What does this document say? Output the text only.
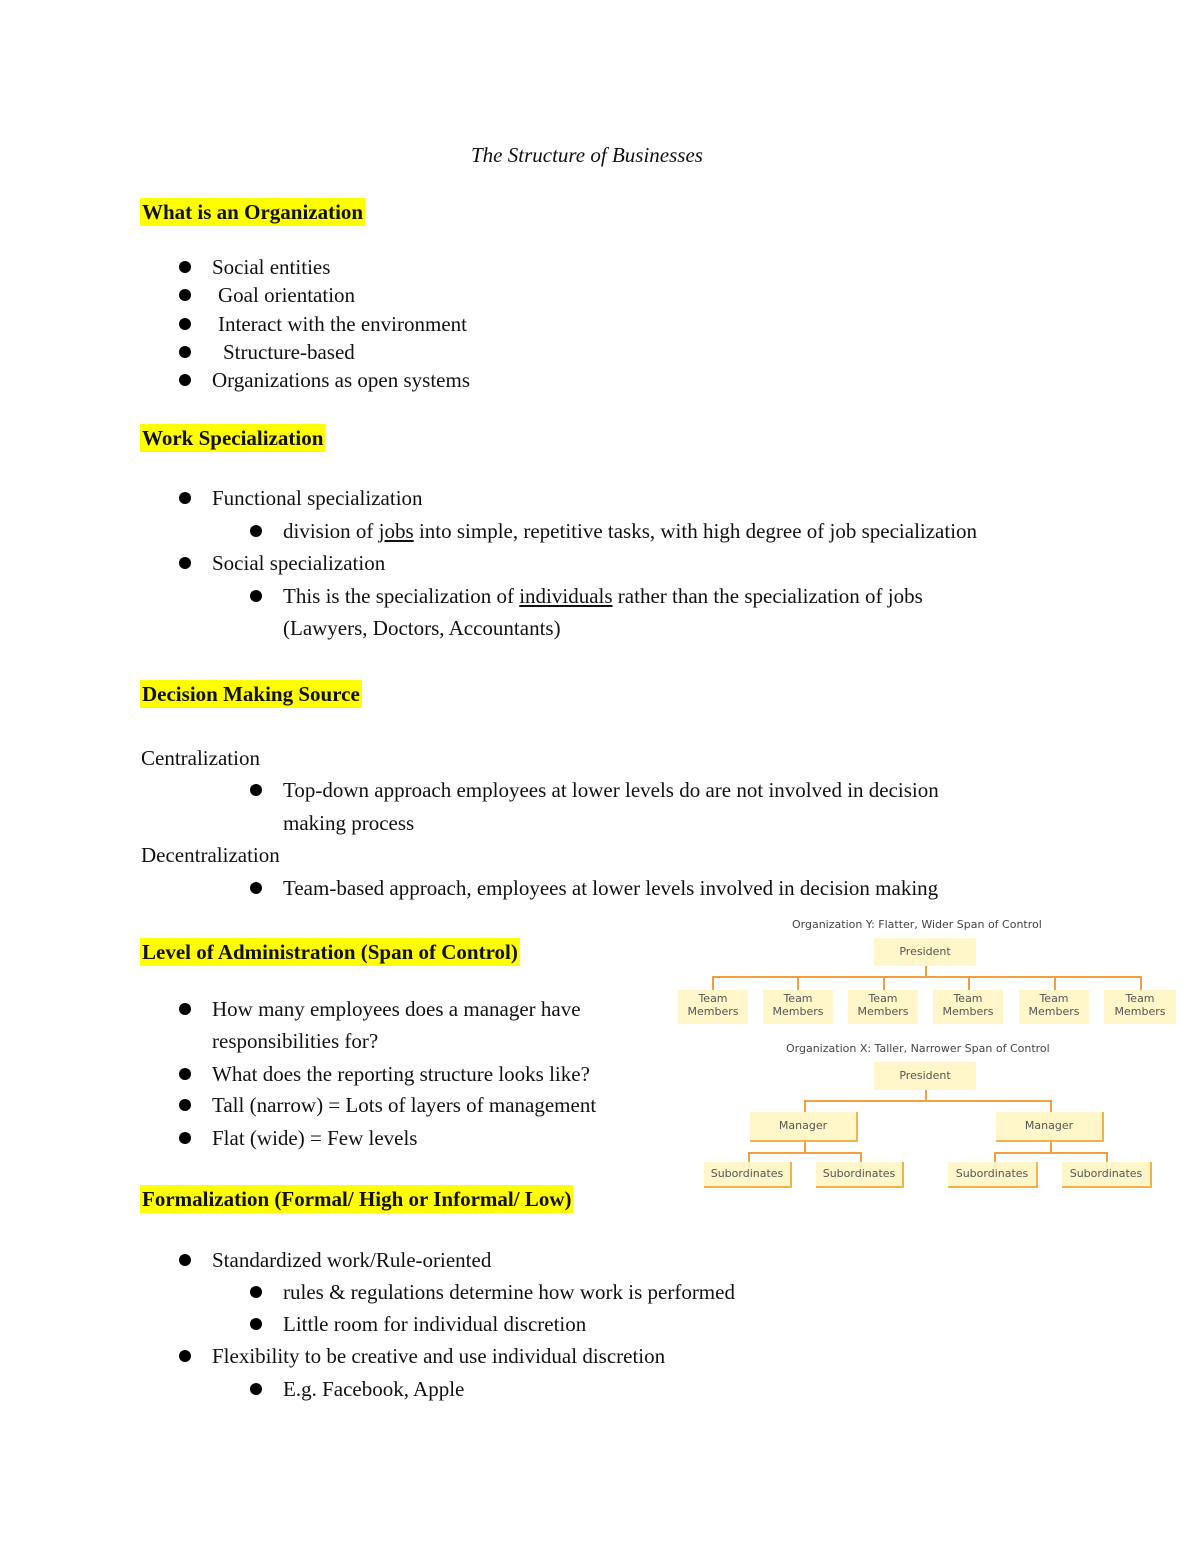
The Structure of Businesses
What is an Organization
Social entities
Goal orientation
Interact with the environment
Structure-based
Organizations as open systems
Work Specialization
Functional specialization
division of jobs into simple, repetitive tasks, with high degree of job specialization
Social specialization
This is the specialization of individuals rather than the specialization of jobs
(Lawyers, Doctors, Accountants)
Decision Making Source
Centralization
Top-down approach employees at lower levels do are not involved in decision
making process
Decentralization
Team-based approach, employees at lower levels involved in decision making
Level of Administration (Span of Control)
How many employees does a manager have
responsibilities for?
What does the reporting structure looks like?
Tall (narrow) = Lots of layers of management
Flat (wide) = Few levels
Formalization (Formal/ High or Informal/ Low)
Standardized work/Rule-oriented
rules & regulations determine how work is performed
Little room for individual discretion
Flexibility to be creative and use individual discretion
E.g. Facebook, Apple
Organization Y: Flatter, Wider Span of Control
President
Team
Members
Team
Members
Team
Members
Team
Members
Team
Members
Team
Members
Organization X: Taller, Narrower Span of Control
President
Manager	Manager
Subordinates	Subordinates	Subordinates	Subordinates
